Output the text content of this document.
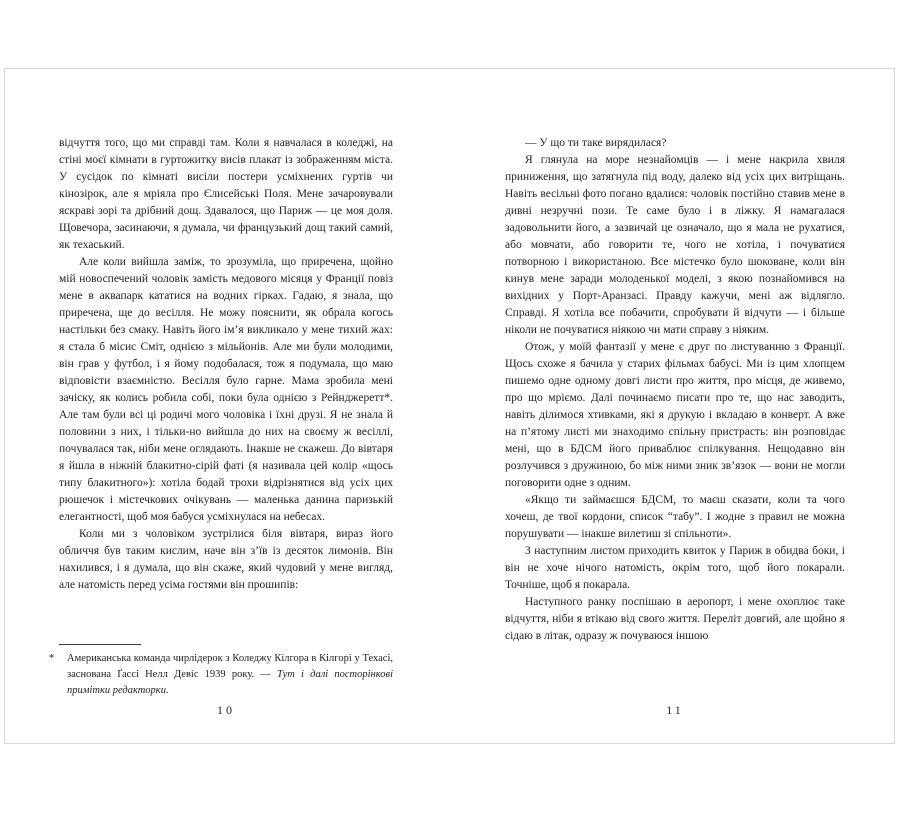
відчуття того, що ми справді там. Коли я навчалася в коледжі, на стіні моєї кімнати в гуртожитку висів плакат із зображенням міста. У сусідок по кімнаті висіли постери усміхнених гуртів чи кінозірок, але я мріяла про Єлисейські Поля. Мене зачаровували яскраві зорі та дрібний дощ. Здавалося, що Париж — це моя доля. Щовечора, засинаючи, я думала, чи французький дощ такий самий, як техаський.

Але коли вийшла заміж, то зрозуміла, що приречена, щойно мій новоспечений чоловік замість медового місяця у Франції повіз мене в аквапарк кататися на водних гірках. Гадаю, я знала, що приречена, ще до весілля. Не можу пояснити, як обрала когось настільки без смаку. Навіть його ім’я викликало у мене тихий жах: я стала б місис Сміт, однією з мільйонів. Але ми були молодими, він грав у футбол, і я йому подобалася, тож я подумала, що маю відповісти взаємністю. Весілля було гарне. Мама зробила мені зачіску, як колись робила собі, поки була однією з Рейнджеретт*. Але там були всі ці родичі мого чоловіка і їхні друзі. Я не знала й половини з них, і тільки-но вийшла до них на своєму ж весіллі, почувалася так, ніби мене оглядають. Інакше не скажеш. До вівтаря я йшла в ніжній блакитно-сірій фаті (я називала цей колір «щось типу блакитного»): хотіла бодай трохи відрізнятися від усіх цих рюшечок і містечкових очікувань — маленька данина паризькій елегантності, щоб моя бабуся усміхнулася на небесах.

Коли ми з чоловіком зустрілися біля вівтаря, вираз його обличчя був таким кислим, наче він з’їв із десяток лимонів. Він нахилився, і я думала, що він скаже, який чудовий у мене вигляд, але натомість перед усіма гостями він прошипів:

*	Американська команда чирлідерок з Коледжу Кілгора в Кілгорі у Техасі, заснована Ґассі Нелл Девіс 1939 року. — Тут і далі посторінкові примітки редакторки.

— У що ти таке вирядилася?

Я глянула на море незнайомців — і мене накрила хвиля приниження, що затягнула під воду, далеко від усіх цих витріщань. Навіть весільні фото погано вдалися: чоловік постійно ставив мене в дивні незручні пози. Те саме було і в ліжку. Я намагалася задовольнити його, а зазвичай це означало, що я мала не рухатися, або мовчати, або говорити те, чого не хотіла, і почуватися потворною і використаною. Все містечко було шоковане, коли він кинув мене заради молоденької моделі, з якою познайомився на вихідних у Порт-Аранзасі. Правду кажучи, мені аж відлягло. Справді. Я хотіла все побачити, спробувати й відчути — і більше ніколи не почуватися ніякою чи мати справу з ніяким.

Отож, у моїй фантазії у мене є друг по листуванню з Франції. Щось схоже я бачила у старих фільмах бабусі. Ми із цим хлопцем пишемо одне одному довгі листи про життя, про місця, де живемо, про що мріємо. Далі починаємо писати про те, що нас заводить, навіть ділимося хтивками, які я друкую і вкладаю в конверт. А вже на п’ятому листі ми знаходимо спільну пристрасть: він розповідає мені, що в БДСМ його приваблює спілкування. Нещодавно він розлучився з дружиною, бо між ними зник зв’язок — вони не могли поговорити одне з одним.

«Якщо ти займаєшся БДСМ, то маєш сказати, коли та чого хочеш, де твої кордони, список “табу”. І жодне з правил не можна порушувати — інакше вилетиш зі спільноти».

З наступним листом приходить квиток у Париж в обидва боки, і він не хоче нічого натомість, окрім того, щоб його покарали. Точніше, щоб я покарала.

Наступного ранку поспішаю в аеропорт, і мене охоплює таке відчуття, ніби я втікаю від свого життя. Переліт довгий, але щойно я сідаю в літак, одразу ж почуваюся іншою

10	11
